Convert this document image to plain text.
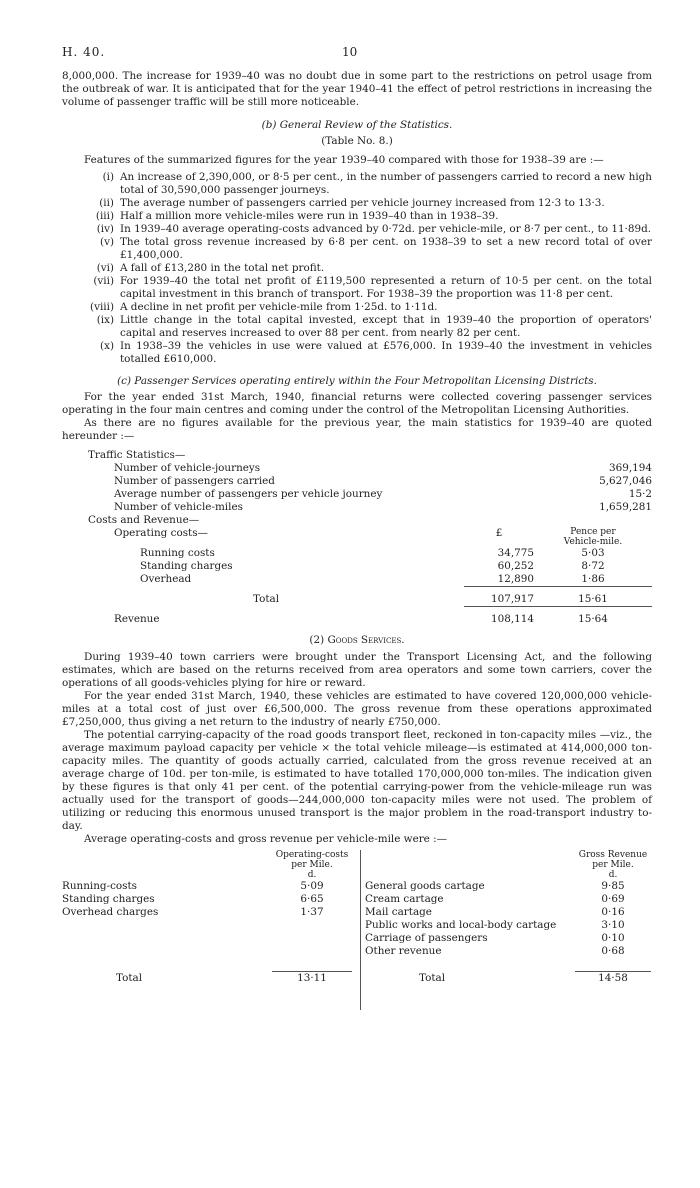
H. 40.	10

8,000,000. The increase for 1939–40 was no doubt due in some part to the restrictions on petrol usage from the outbreak of war. It is anticipated that for the year 1940–41 the effect of petrol restrictions in increasing the volume of passenger traffic will be still more noticeable.

(b) General Review of the Statistics.

(Table No. 8.)

Features of the summarized figures for the year 1939–40 compared with those for 1938–39 are :—

(i) An increase of 2,390,000, or 8·5 per cent., in the number of passengers carried to record a new high total of 30,590,000 passenger journeys.
(ii) The average number of passengers carried per vehicle journey increased from 12·3 to 13·3.
(iii) Half a million more vehicle-miles were run in 1939–40 than in 1938–39.
(iv) In 1939–40 average operating-costs advanced by 0·72d. per vehicle-mile, or 8·7 per cent., to 11·89d.
(v) The total gross revenue increased by 6·8 per cent. on 1938–39 to set a new record total of over £1,400,000.
(vi) A fall of £13,280 in the total net profit.
(vii) For 1939–40 the total net profit of £119,500 represented a return of 10·5 per cent. on the total capital investment in this branch of transport. For 1938–39 the proportion was 11·8 per cent.
(viii) A decline in net profit per vehicle-mile from 1·25d. to 1·11d.
(ix) Little change in the total capital invested, except that in 1939–40 the proportion of operators' capital and reserves increased to over 88 per cent. from nearly 82 per cent.
(x) In 1938–39 the vehicles in use were valued at £576,000. In 1939–40 the investment in vehicles totalled £610,000.

(c) Passenger Services operating entirely within the Four Metropolitan Licensing Districts.

For the year ended 31st March, 1940, financial returns were collected covering passenger services operating in the four main centres and coming under the control of the Metropolitan Licensing Authorities.

As there are no figures available for the previous year, the main statistics for 1939–40 are quoted hereunder :—

	Traffic Statistics—					
		Number of vehicle-journeys				369,194
		Number of passengers carried				5,627,046
		Average number of passengers per vehicle journey				15·2
		Number of vehicle-miles				1,659,281
	Costs and Revenue—					
		Operating costs—			£	Pence per
Vehicle-mile.

			Running costs		34,775	5·03
			Standing charges		60,252	8·72
			Overhead		12,890	1·86

			Total		107,917	15·61

		Revenue			108,114	15·64

(2) Goods Services.

During 1939–40 town carriers were brought under the Transport Licensing Act, and the following estimates, which are based on the returns received from area operators and some town carriers, cover the operations of all goods-vehicles plying for hire or reward.

For the year ended 31st March, 1940, these vehicles are estimated to have covered 120,000,000 vehicle-miles at a total cost of just over £6,500,000. The gross revenue from these operations approximated £7,250,000, thus giving a net return to the industry of nearly £750,000.

The potential carrying-capacity of the road goods transport fleet, reckoned in ton-capacity miles —viz., the average maximum payload capacity per vehicle × the total vehicle mileage—is estimated at 414,000,000 ton-capacity miles. The quantity of goods actually carried, calculated from the gross revenue received at an average charge of 10d. per ton-mile, is estimated to have totalled 170,000,000 ton-miles. The indication given by these figures is that only 41 per cent. of the potential carrying-power from the vehicle-mileage run was actually used for the transport of goods—244,000,000 ton-capacity miles were not used. The problem of utilizing or reducing this enormous unused transport is the major problem in the road-transport industry to-day.

Average operating-costs and gross revenue per vehicle-mile were :—

	Operating-costs
per Mile.
d.

Running-costs	5·09
Standing charges	6·65
Overhead charges	1·37

Total	13·11

	Gross Revenue
per Mile.
d.

General goods cartage	9·85
Cream cartage	0·69
Mail cartage	0·16
Public works and local-body cartage	3·10
Carriage of passengers	0·10
Other revenue	0·68

Total	14·58
